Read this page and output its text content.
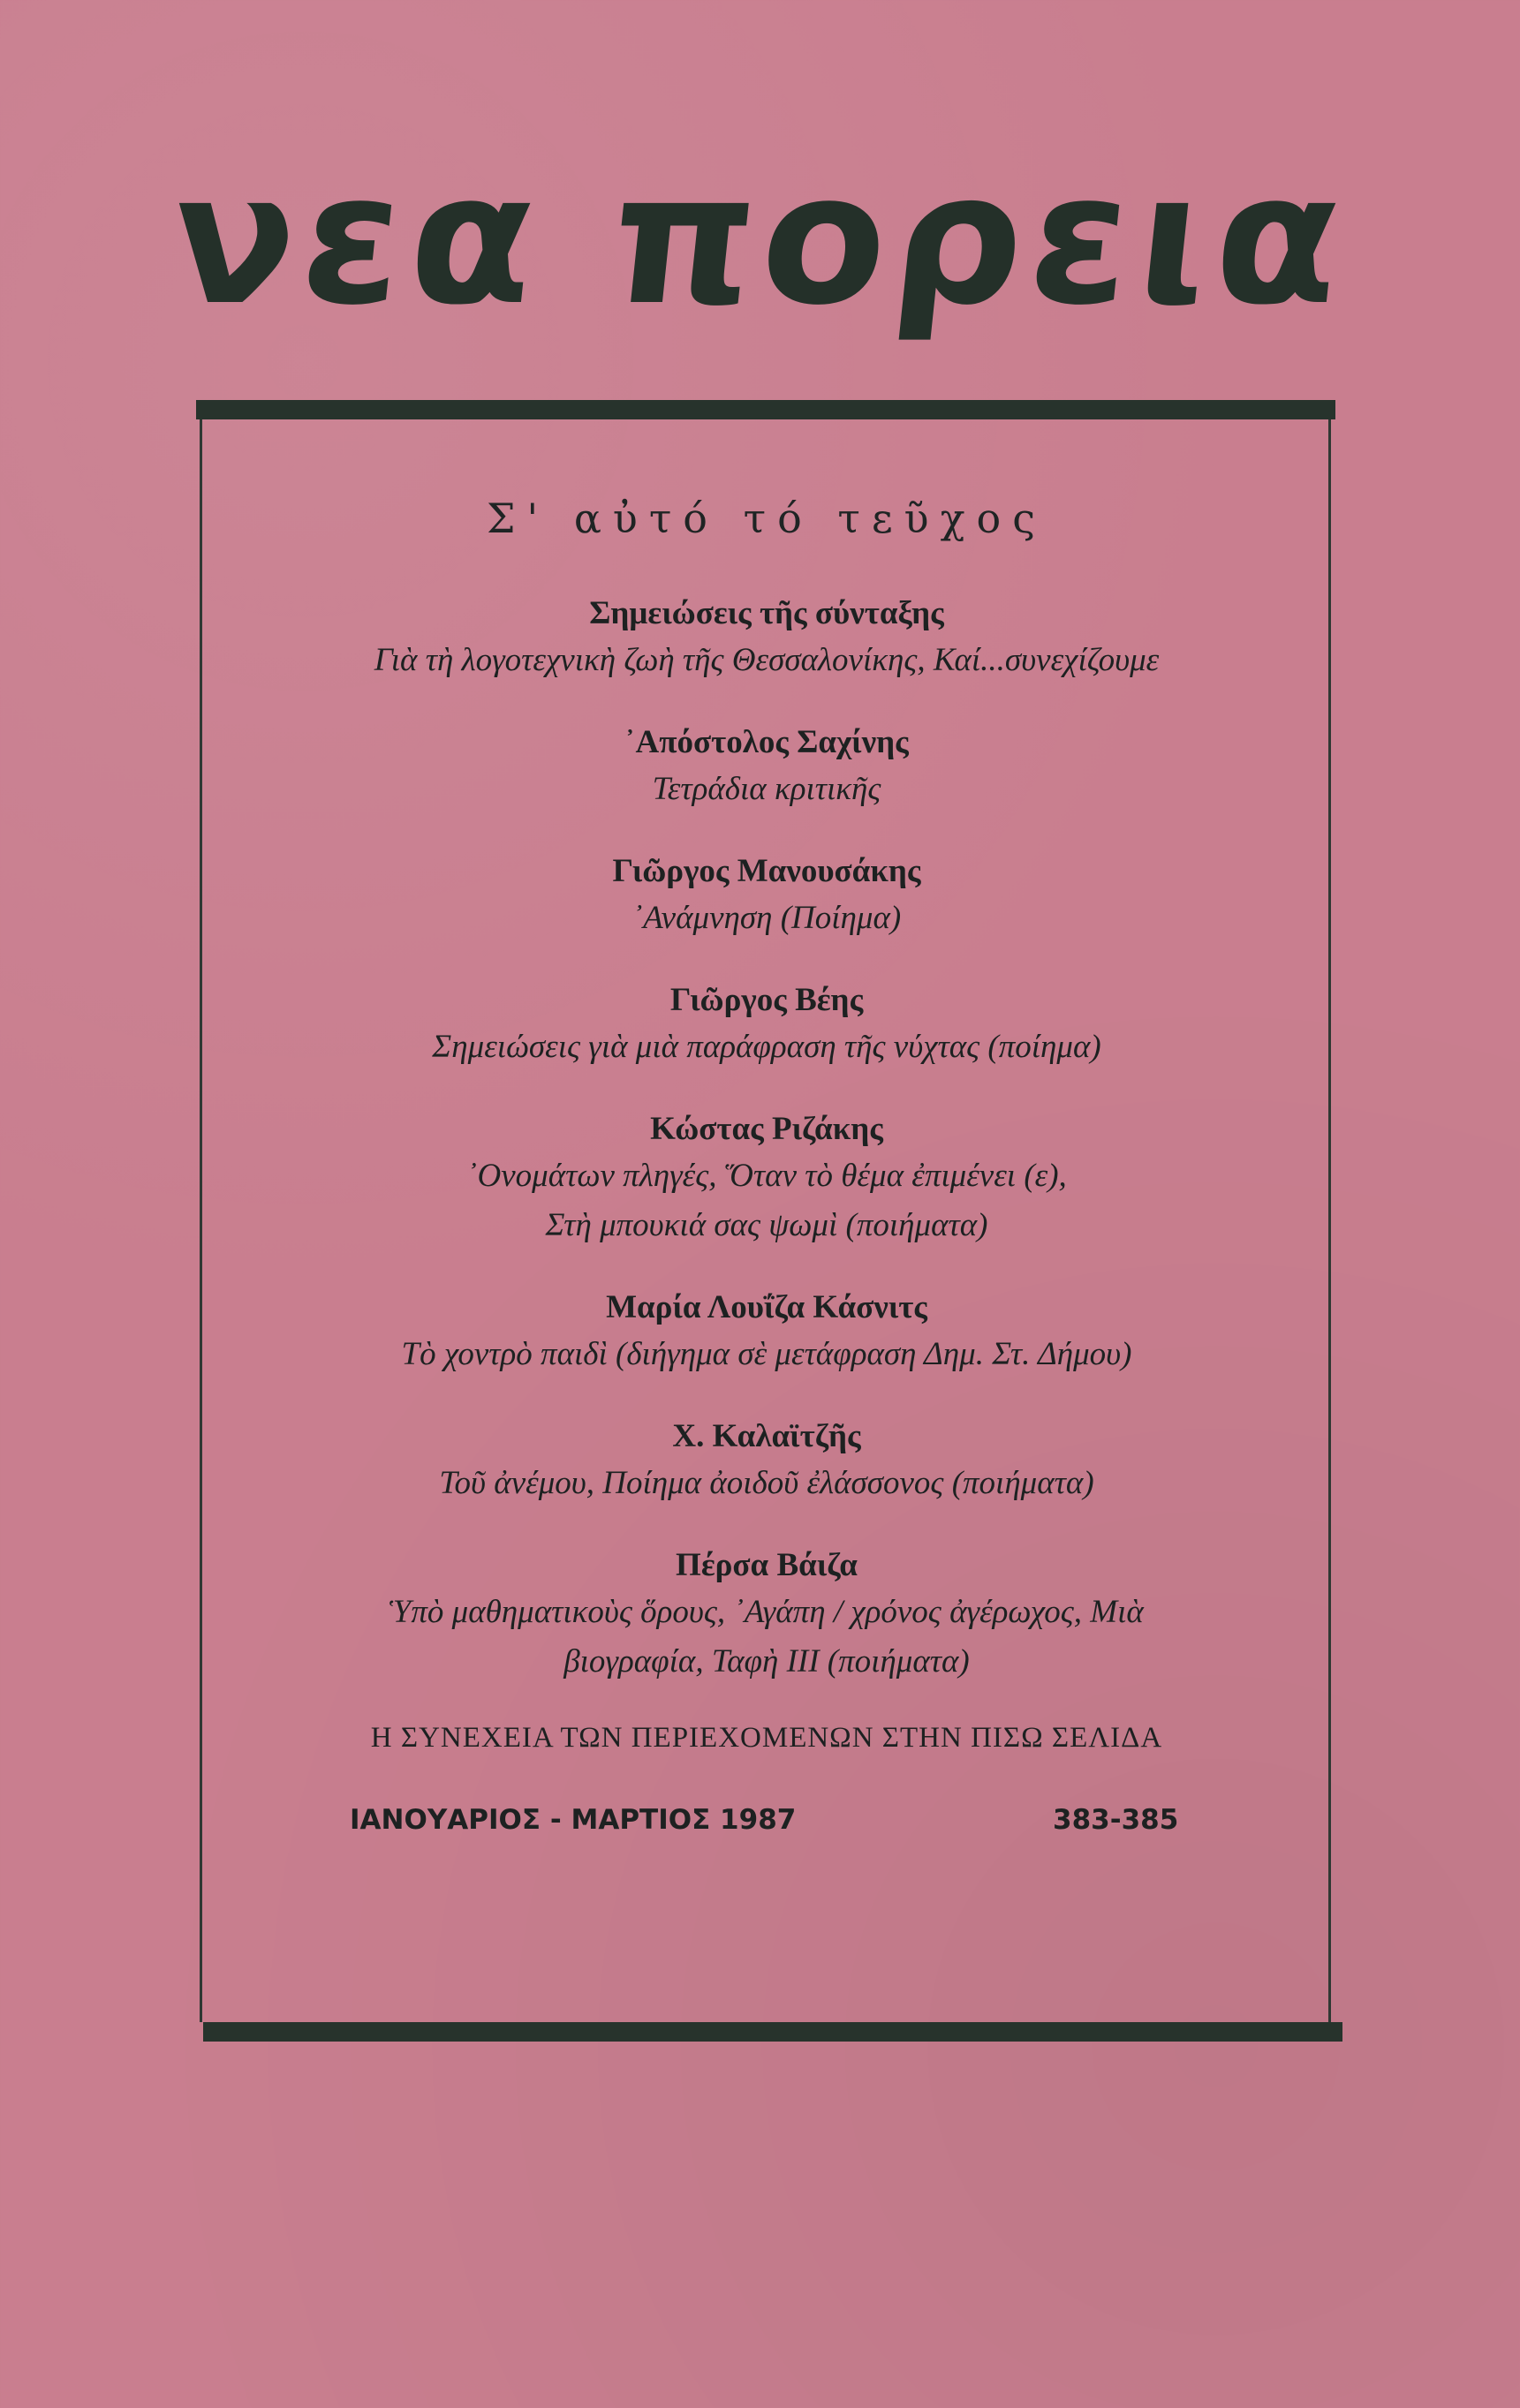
νεα πορεια
Σ' αὐτό τό τεῦχος
Σημειώσεις τῆς σύνταξης
Γιὰ τὴ λογοτεχνικὴ ζωὴ τῆς Θεσσαλονίκης, Καί...συνεχίζουμε
᾿Απόστολος Σαχίνης
Τετράδια κριτικῆς
Γιῶργος Μανουσάκης
᾿Ανάμνηση (Ποίημα)
Γιῶργος Βέης
Σημειώσεις γιὰ μιὰ παράφραση τῆς νύχτας (ποίημα)
Κώστας Ριζάκης
᾿Ονομάτων πληγές, Ὅταν τὸ θέμα ἐπιμένει (ε),
Στὴ μπουκιά σας ψωμὶ (ποιήματα)
Μαρία Λουΐζα Κάσνιτς
Τὸ χοντρὸ παιδὶ (διήγημα σὲ μετάφραση Δημ. Στ. Δήμου)
Χ. Καλαϊτζῆς
Τοῦ ἀνέμου, Ποίημα ἀοιδοῦ ἐλάσσονος (ποιήματα)
Πέρσα Βάιζα
Ὑπὸ μαθηματικοὺς ὅρους, ᾿Αγάπη / χρόνος ἀγέρωχος, Μιὰ
βιογραφία, Ταφὴ ΙΙΙ (ποιήματα)
Η ΣΥΝΕΧΕΙΑ ΤΩΝ ΠΕΡΙΕΧΟΜΕΝΩΝ ΣΤΗΝ ΠΙΣΩ ΣΕΛΙΔΑ
ΙΑΝΟΥΑΡΙΟΣ - ΜΑΡΤΙΟΣ 1987	383-385
